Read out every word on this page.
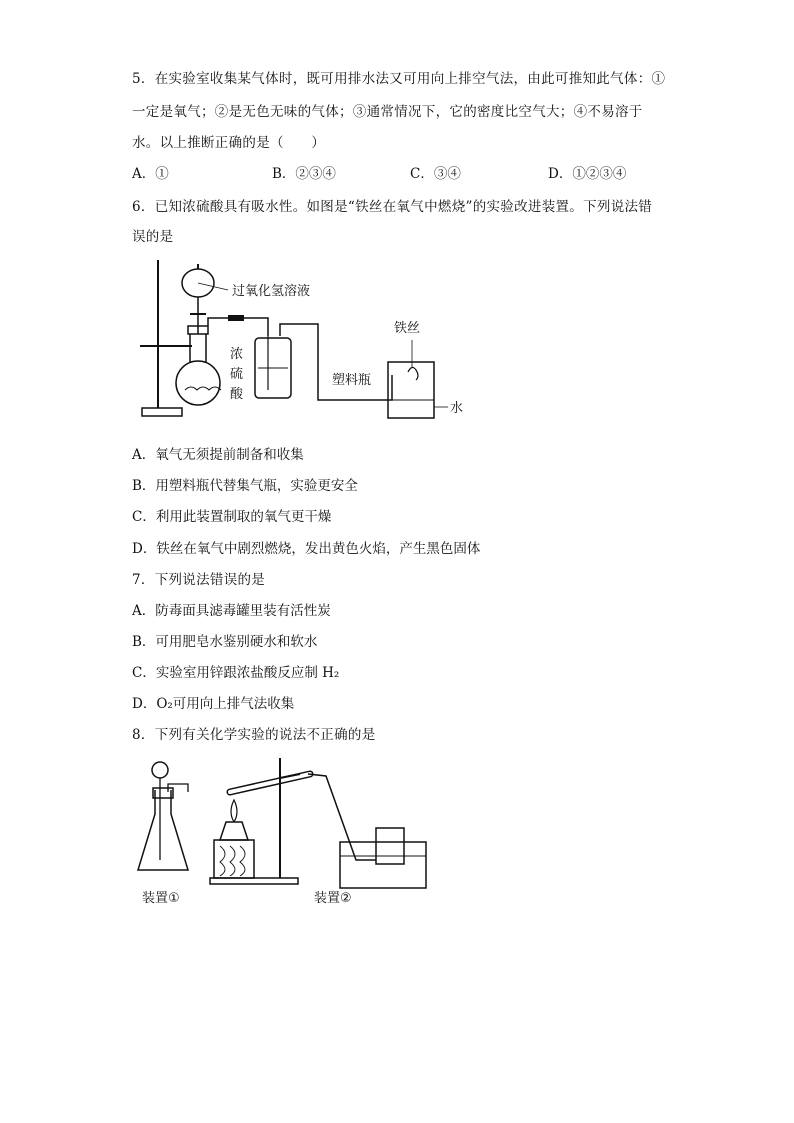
5．在实验室收集某气体时，既可用排水法又可用向上排空气法，由此可推知此气体：①
一定是氧气；②是无色无味的气体；③通常情况下，它的密度比空气大；④不易溶于
水。以上推断正确的是（　　）
A．①	B．②③④	C．③④	D．①②③④
6．已知浓硫酸具有吸水性。如图是“铁丝在氧气中燃烧”的实验改进装置。下列说法错
误的是
过氧化氢溶液
浓
硫
酸
铁丝
塑料瓶
水
A．氧气无须提前制备和收集
B．用塑料瓶代替集气瓶，实验更安全
C．利用此装置制取的氧气更干燥
D．铁丝在氧气中剧烈燃烧，发出黄色火焰，产生黑色固体
7．下列说法错误的是
A．防毒面具滤毒罐里装有活性炭
B．可用肥皂水鉴别硬水和软水
C．实验室用锌跟浓盐酸反应制 H₂
D．O₂可用向上排气法收集
8．下列有关化学实验的说法不正确的是
装置①	装置②
